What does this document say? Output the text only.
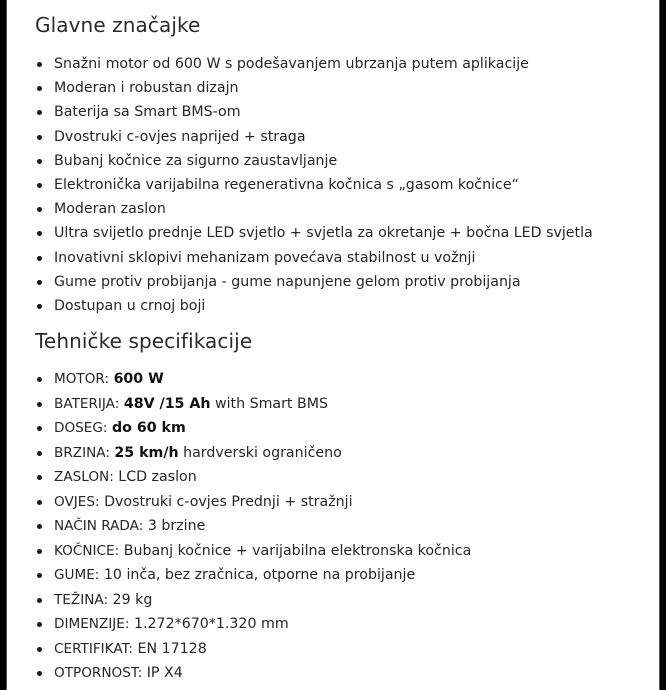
Glavne značajke
Snažni motor od 600 W s podešavanjem ubrzanja putem aplikacije
Moderan i robustan dizajn
Baterija sa Smart BMS-om
Dvostruki c-ovjes naprijed + straga
Bubanj kočnice za sigurno zaustavljanje
Elektronička varijabilna regenerativna kočnica s „gasom kočnice“
Moderan zaslon
Ultra svijetlo prednje LED svjetlo + svjetla za okretanje + bočna LED svjetla
Inovativni sklopivi mehanizam povećava stabilnost u vožnji
Gume protiv probijanja - gume napunjene gelom protiv probijanja
Dostupan u crnoj boji
Tehničke specifikacije
MOTOR: 600 W
BATERIJA: 48V /15 Ah with Smart BMS
DOSEG: do 60 km
BRZINA: 25 km/h hardverski ograničeno
ZASLON: LCD zaslon
OVJES: Dvostruki c-ovjes Prednji + stražnji
NAČIN RADA: 3 brzine
KOČNICE: Bubanj kočnice + varijabilna elektronska kočnica
GUME: 10 inča, bez zračnica, otporne na probijanje
TEŽINA: 29 kg
DIMENZIJE: 1.272*670*1.320 mm
CERTIFIKAT: EN 17128
OTPORNOST: IP X4
